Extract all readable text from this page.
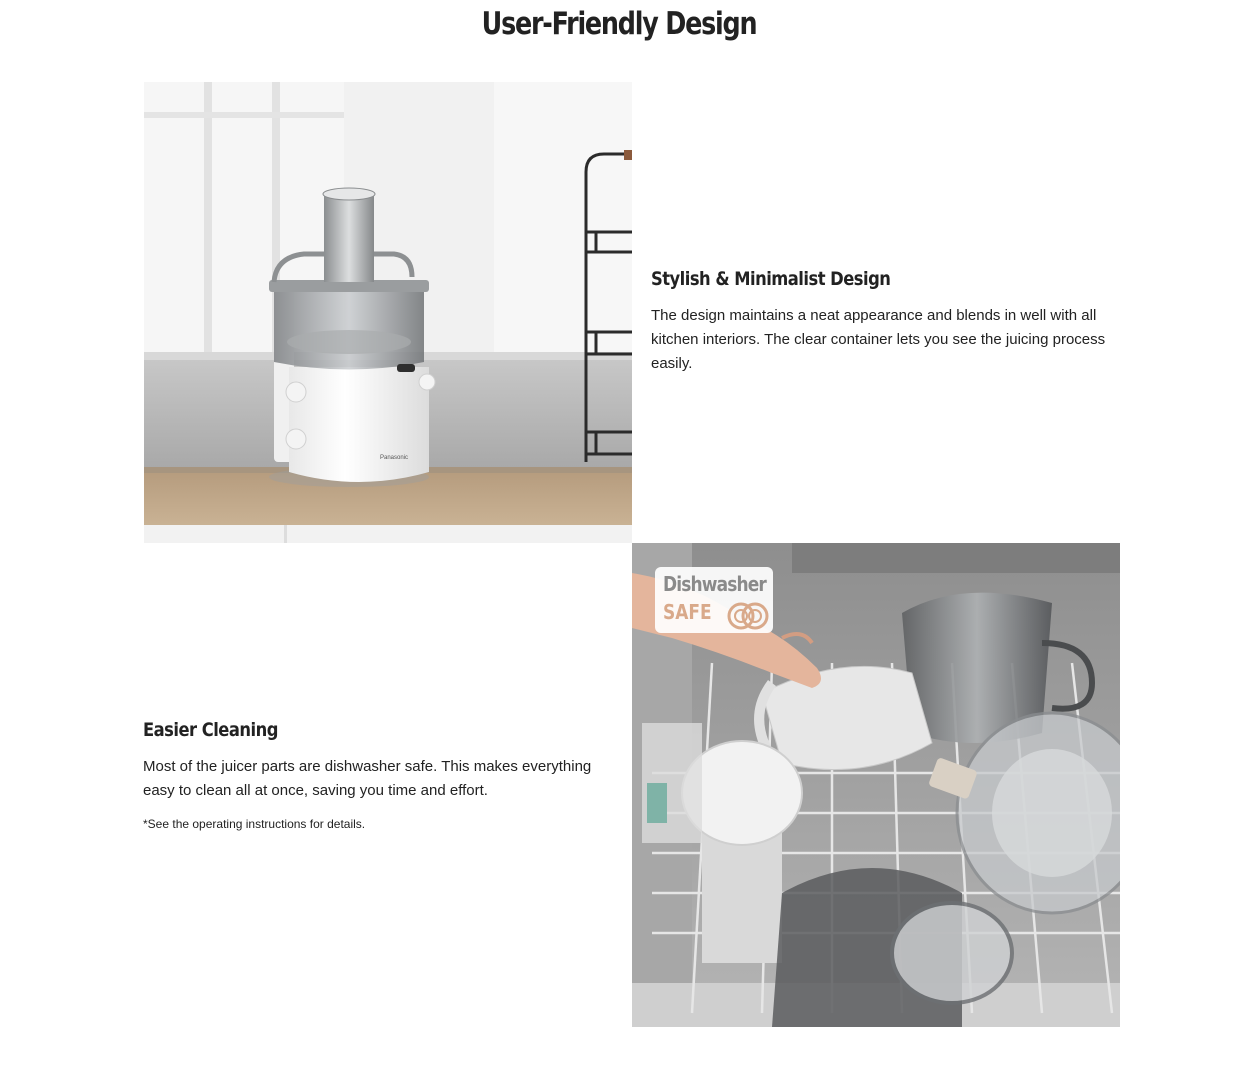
User-Friendly Design
Panasonic
Stylish & Minimalist Design

The design maintains a neat appearance and blends in well with all kitchen interiors. The clear container lets you see the juicing process easily.

Easier Cleaning

Most of the juicer parts are dishwasher safe. This makes everything easy to clean all at once, saving you time and effort.

*See the operating instructions for details.

Dishwasher
SAFE
